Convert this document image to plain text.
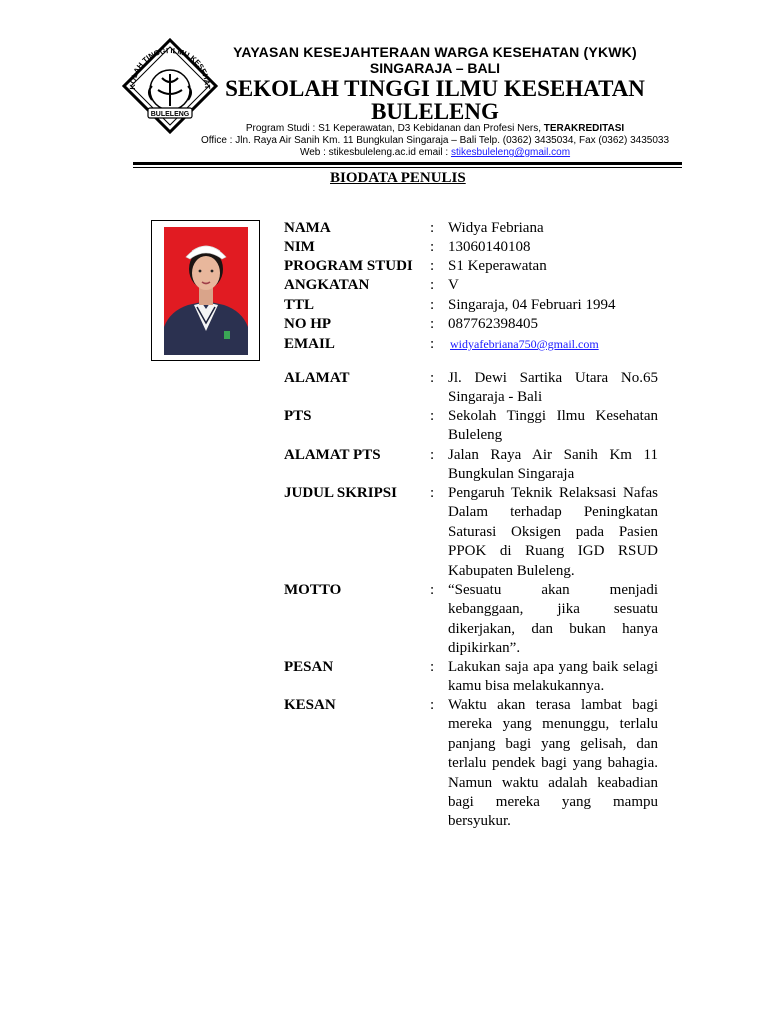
KOLAH TINGGI ILMU KESEHAT
BULELENG
YAYASAN KESEJAHTERAAN WARGA KESEHATAN (YKWK)
SINGARAJA – BALI
SEKOLAH TINGGI ILMU KESEHATAN
BULELENG
Program Studi : S1 Keperawatan, D3 Kebidanan dan Profesi Ners, TERAKREDITASI
Office : Jln. Raya Air Sanih Km. 11 Bungkulan Singaraja – Bali Telp. (0362) 3435034, Fax (0362) 3435033
Web : stikesbuleleng.ac.id email : stikesbuleleng@gmail.com
BIODATA PENULIS
NAMA	: Widya Febriana
NIM	: 13060140108
PROGRAM STUDI : S1 Keperawatan
ANGKATAN	: V
TTL	: Singaraja, 04 Februari 1994
NO HP	: 087762398405
EMAIL	: widyafebriana750@gmail.com
ALAMAT	: Jl. Dewi Sartika Utara No.65 Singaraja - Bali
PTS	: Sekolah Tinggi Ilmu Kesehatan Buleleng
ALAMAT PTS	: Jalan Raya Air Sanih Km 11 Bungkulan Singaraja
JUDUL SKRIPSI : Pengaruh Teknik Relaksasi Nafas Dalam terhadap Peningkatan Saturasi Oksigen pada Pasien PPOK di Ruang IGD RSUD Kabupaten Buleleng.
MOTTO	: “Sesuatu akan menjadi kebanggaan, jika sesuatu dikerjakan, dan bukan hanya dipikirkan”.
PESAN	: Lakukan saja apa yang baik selagi kamu bisa melakukannya.
KESAN	: Waktu akan terasa lambat bagi mereka yang menunggu, terlalu panjang bagi yang gelisah, dan terlalu pendek bagi yang bahagia. Namun waktu adalah keabadian bagi mereka yang mampu bersyukur.
